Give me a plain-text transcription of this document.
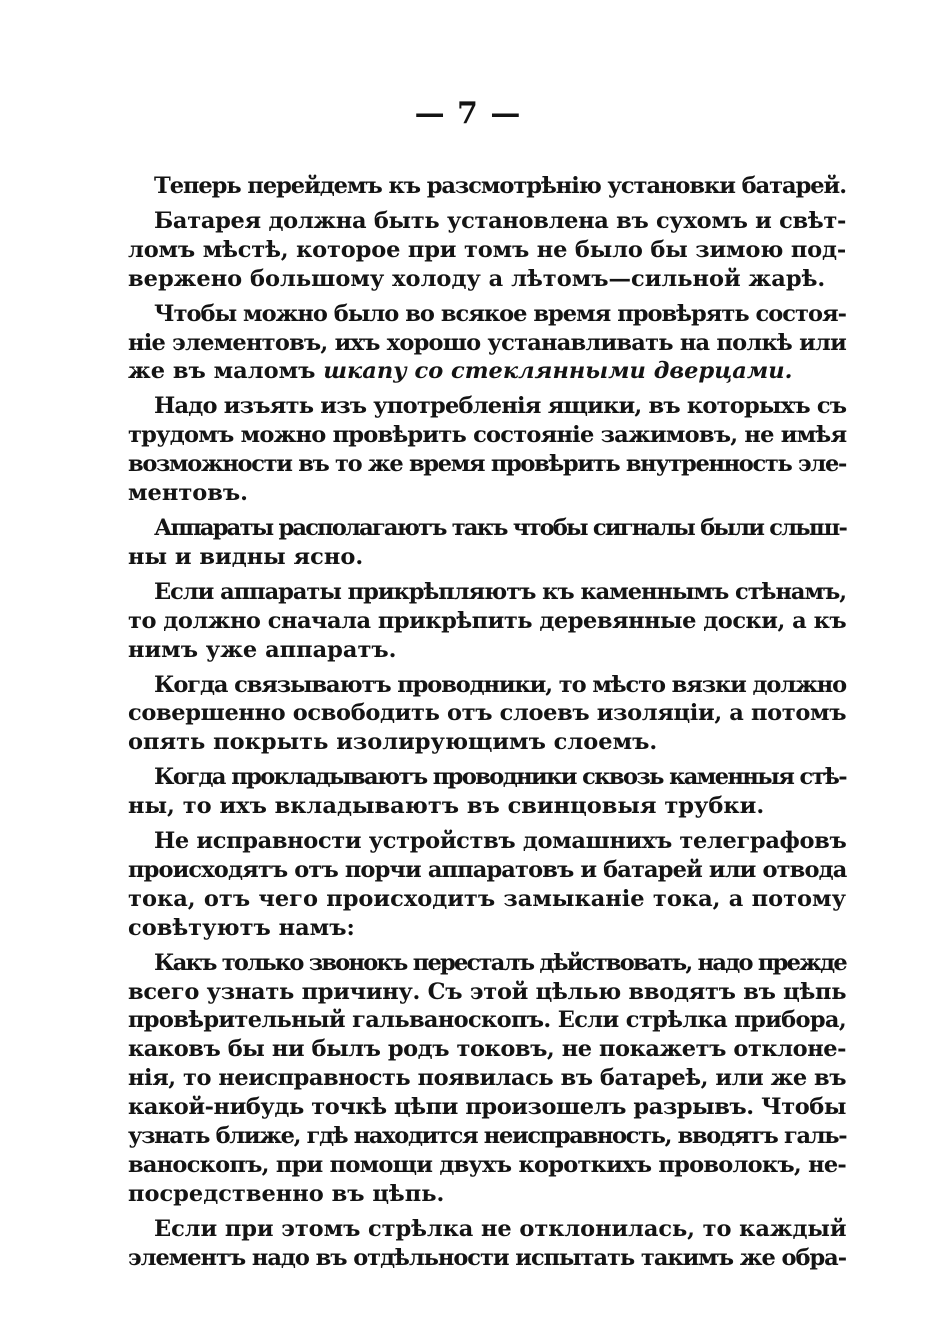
— 7 —

Теперь перейдемъ къ разсмотрѣнію установки батарей.

Батарея должна быть установлена въ сухомъ и свѣт-
ломъ мѣстѣ, которое при томъ не было бы зимою под-
вержено большому холоду а лѣтомъ—сильной жарѣ.

Чтобы можно было во всякое время провѣрять состоя-
ніе элементовъ, ихъ хорошо устанавливать на полкѣ или
же въ маломъ шкапу со стеклянными дверцами.

Надо изъять изъ употребленія ящики, въ которыхъ съ
трудомъ можно провѣрить состояніе зажимовъ, не имѣя
возможности въ то же время провѣрить внутренность эле-
ментовъ.

Аппараты располагаютъ такъ чтобы сигналы были слыш-
ны и видны ясно.

Если аппараты прикрѣпляютъ къ каменнымъ стѣнамъ,
то должно сначала прикрѣпить деревянные доски, а къ
нимъ уже аппаратъ.

Когда связываютъ проводники, то мѣсто вязки должно
совершенно освободить отъ слоевъ изоляціи, а потомъ
опять покрыть изолирующимъ слоемъ.

Когда прокладываютъ проводники сквозь каменныя стѣ-
ны, то ихъ вкладываютъ въ свинцовыя трубки.

Не исправности устройствъ домашнихъ телеграфовъ
происходятъ отъ порчи аппаратовъ и батарей или отвода
тока, отъ чего происходитъ замыканіе тока, а потому
совѣтуютъ намъ:

Какъ только звонокъ пересталъ дѣйствовать, надо прежде
всего узнать причину. Съ этой цѣлью вводятъ въ цѣпь
провѣрительный гальваноскопъ. Если стрѣлка прибора,
каковъ бы ни былъ родъ токовъ, не покажетъ отклоне-
нія, то неисправность появилась въ батареѣ, или же въ
какой-нибудь точкѣ цѣпи произошелъ разрывъ. Чтобы
узнать ближе, гдѣ находится неисправность, вводятъ галь-
ваноскопъ, при помощи двухъ короткихъ проволокъ, не-
посредственно въ цѣпь.

Если при этомъ стрѣлка не отклонилась, то каждый
элементъ надо въ отдѣльности испытать такимъ же обра-
